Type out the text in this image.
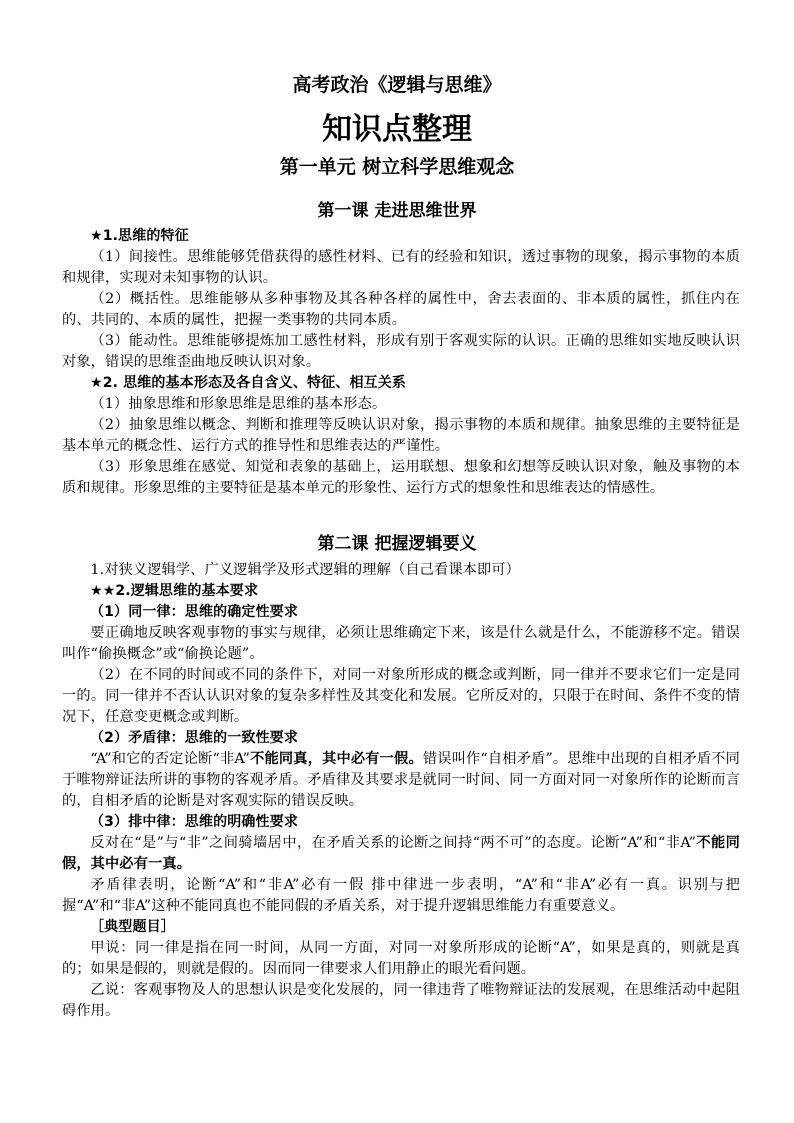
高考政治《逻辑与思维》
知识点整理
第一单元 树立科学思维观念
第一课 走进思维世界

★1.思维的特征

（1）间接性。思维能够凭借获得的感性材料、已有的经验和知识，透过事物的现象，揭示事物的本质和规律，实现对未知事物的认识。

（2）概括性。思维能够从多种事物及其各种各样的属性中，舍去表面的、非本质的属性，抓住内在的、共同的、本质的属性，把握一类事物的共同本质。

（3）能动性。思维能够提炼加工感性材料，形成有别于客观实际的认识。正确的思维如实地反映认识对象，错误的思维歪曲地反映认识对象。

★2. 思维的基本形态及各自含义、特征、相互关系

（1）抽象思维和形象思维是思维的基本形态。

（2）抽象思维以概念、判断和推理等反映认识对象，揭示事物的本质和规律。抽象思维的主要特征是基本单元的概念性、运行方式的推导性和思维表达的严谨性。

（3）形象思维在感觉、知觉和表象的基础上，运用联想、想象和幻想等反映认识对象，触及事物的本质和规律。形象思维的主要特征是基本单元的形象性、运行方式的想象性和思维表达的情感性。

第二课 把握逻辑要义

1.对狭义逻辑学、广义逻辑学及形式逻辑的理解（自己看课本即可）

★★2.逻辑思维的基本要求

（1）同一律：思维的确定性要求

要正确地反映客观事物的事实与规律，必须让思维确定下来，该是什么就是什么，不能游移不定。错误叫作“偷换概念”或“偷换论题”。

（2）在不同的时间或不同的条件下，对同一对象所形成的概念或判断，同一律并不要求它们一定是同一的。同一律并不否认认识对象的复杂多样性及其变化和发展。它所反对的，只限于在时间、条件不变的情况下，任意变更概念或判断。

（2）矛盾律：思维的一致性要求

“A”和它的否定论断“非A”不能同真，其中必有一假。错误叫作“自相矛盾”。思维中出现的自相矛盾不同于唯物辩证法所讲的事物的客观矛盾。矛盾律及其要求是就同一时间、同一方面对同一对象所作的论断而言的，自相矛盾的论断是对客观实际的错误反映。

（3）排中律：思维的明确性要求

反对在“是”与“非”之间骑墙居中，在矛盾关系的论断之间持“两不可”的态度。论断“A”和“非A”不能同假，其中必有一真。

矛盾律表明，论断“A”和“非A”必有一假 排中律进一步表明，“A”和“非A”必有一真。识别与把握“A”和“非A”这种不能同真也不能同假的矛盾关系，对于提升逻辑思维能力有重要意义。

［典型题目］

甲说：同一律是指在同一时间，从同一方面，对同一对象所形成的论断“A”，如果是真的，则就是真的；如果是假的，则就是假的。因而同一律要求人们用静止的眼光看问题。

乙说：客观事物及人的思想认识是变化发展的，同一律违背了唯物辩证法的发展观，在思维活动中起阻碍作用。
